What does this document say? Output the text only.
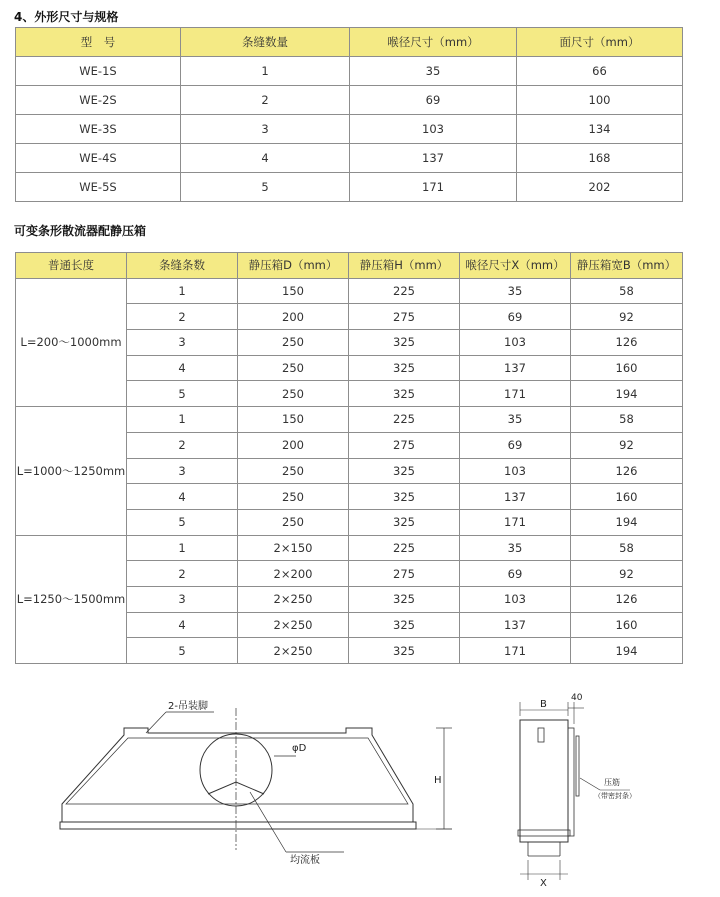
4、外形尺寸与规格
型　号	条缝数量	喉径尺寸（mm）	面尺寸（mm）
WE-1S	1	35	66
WE-2S	2	69	100
WE-3S	3	103	134
WE-4S	4	137	168
WE-5S	5	171	202
可变条形散流器配静压箱
普通长度	条缝条数	静压箱D（mm）	静压箱H（mm）	喉径尺寸X（mm）	静压箱宽B（mm）
L=200～1000mm	1	150	225	35	58
	2	200	275	69	92
	3	250	325	103	126
	4	250	325	137	160
	5	250	325	171	194
L=1000～1250mm	1	150	225	35	58
	2	200	275	69	92
	3	250	325	103	126
	4	250	325	137	160
	5	250	325	171	194
L=1250～1500mm	1	2×150	225	35	58
	2	2×200	275	69	92
	3	2×250	325	103	126
	4	2×250	325	137	160
	5	2×250	325	171	194
2-吊装脚
φD
H
均流板
B
40
压筋
（带密封条）
X
